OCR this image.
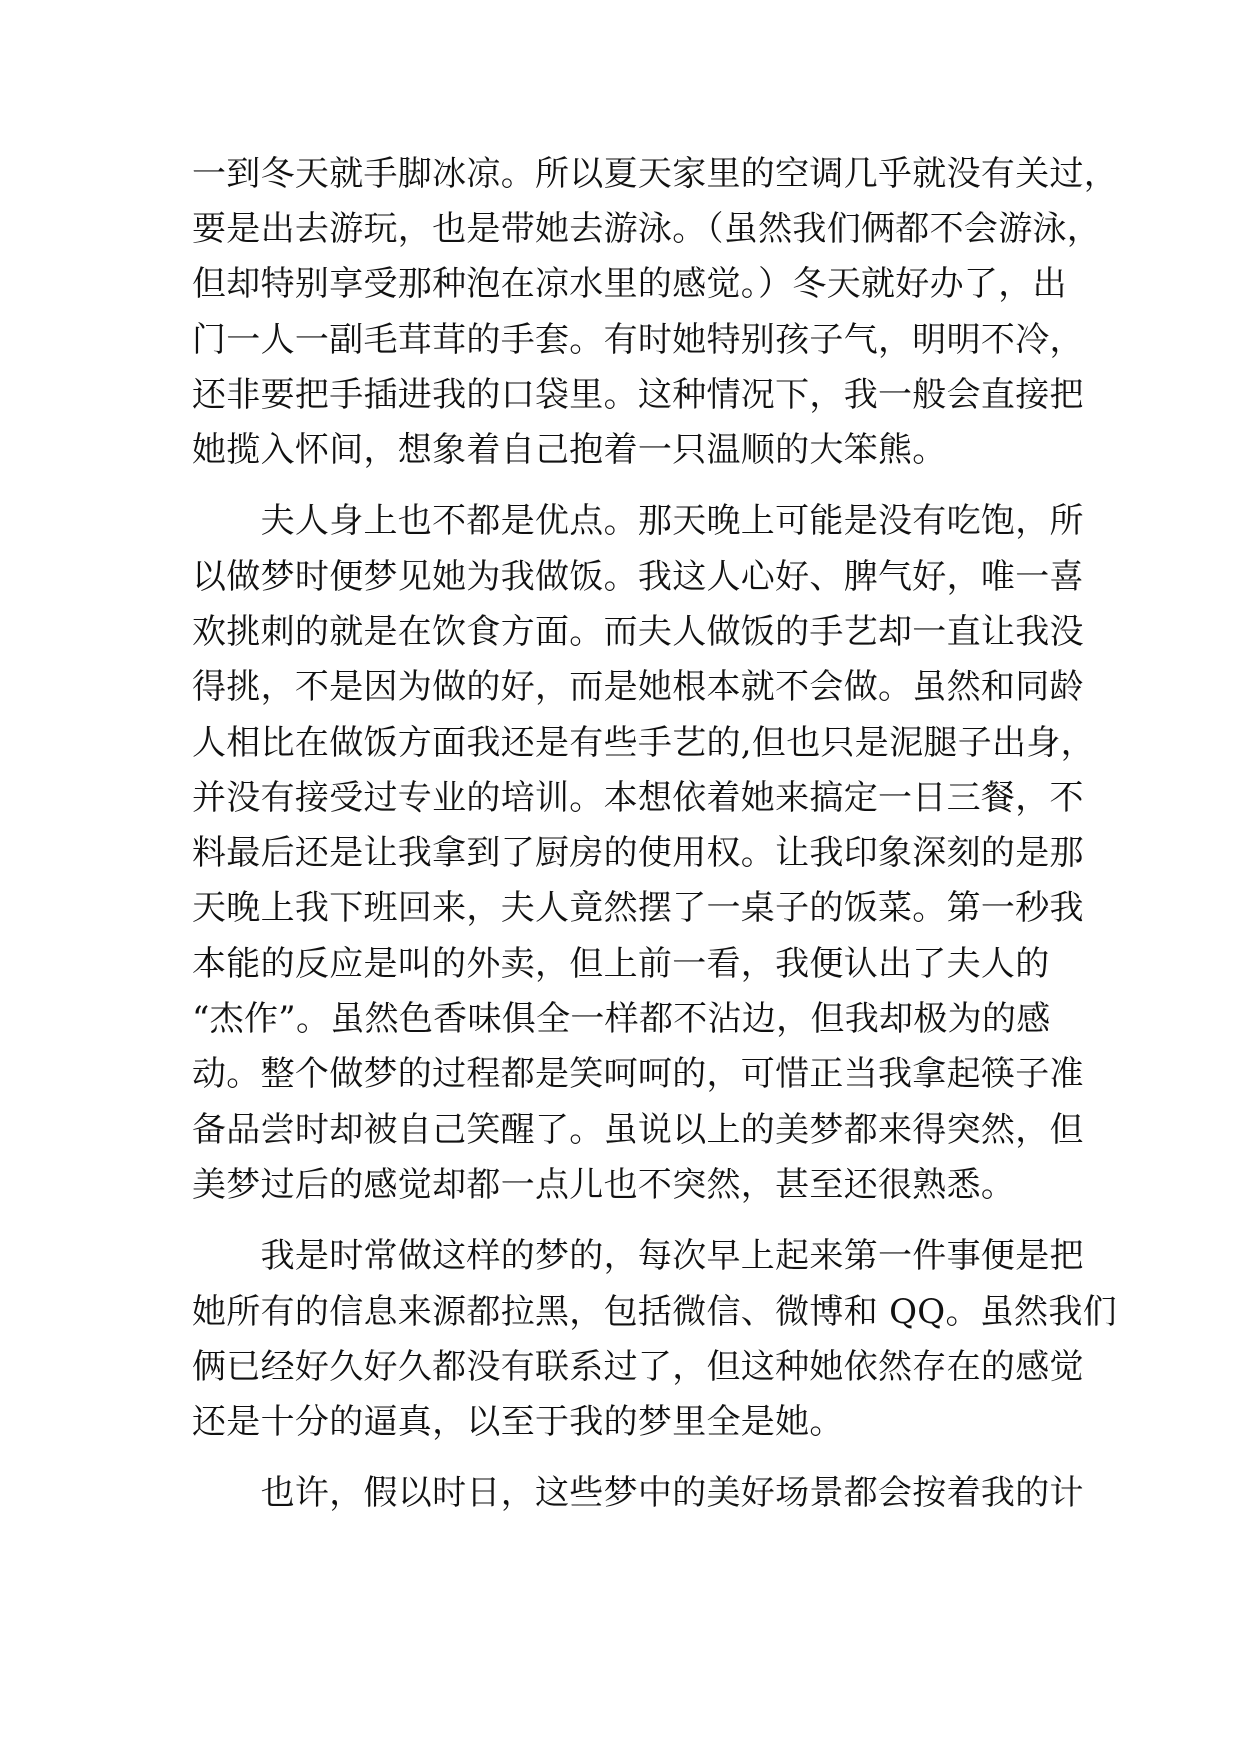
一到冬天就手脚冰凉。所以夏天家里的空调几乎就没有关过，
要是出去游玩，也是带她去游泳。（虽然我们俩都不会游泳，
但却特别享受那种泡在凉水里的感觉。）冬天就好办了，出
门一人一副毛茸茸的手套。有时她特别孩子气，明明不冷，
还非要把手插进我的口袋里。这种情况下，我一般会直接把
她揽入怀间，想象着自己抱着一只温顺的大笨熊。
　　夫人身上也不都是优点。那天晚上可能是没有吃饱，所
以做梦时便梦见她为我做饭。我这人心好、脾气好，唯一喜
欢挑刺的就是在饮食方面。而夫人做饭的手艺却一直让我没
得挑，不是因为做的好，而是她根本就不会做。虽然和同龄
人相比在做饭方面我还是有些手艺的,但也只是泥腿子出身，
并没有接受过专业的培训。本想依着她来搞定一日三餐，不
料最后还是让我拿到了厨房的使用权。让我印象深刻的是那
天晚上我下班回来，夫人竟然摆了一桌子的饭菜。第一秒我
本能的反应是叫的外卖，但上前一看，我便认出了夫人的
“杰作”。虽然色香味俱全一样都不沾边，但我却极为的感
动。整个做梦的过程都是笑呵呵的，可惜正当我拿起筷子准
备品尝时却被自己笑醒了。虽说以上的美梦都来得突然，但
美梦过后的感觉却都一点儿也不突然，甚至还很熟悉。
　　我是时常做这样的梦的，每次早上起来第一件事便是把
她所有的信息来源都拉黑，包括微信、微博和 QQ。虽然我们
俩已经好久好久都没有联系过了，但这种她依然存在的感觉
还是十分的逼真，以至于我的梦里全是她。
　　也许，假以时日，这些梦中的美好场景都会按着我的计
